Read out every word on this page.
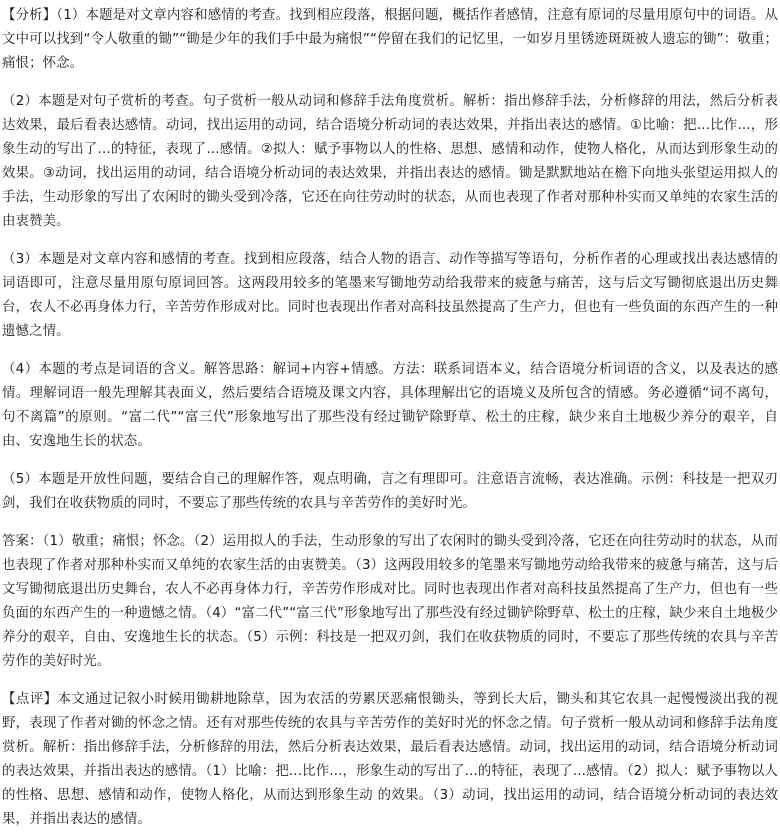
【分析】（1）本题是对文章内容和感情的考查。找到相应段落，根据问题，概括作者感情，注意有原词的尽量用原句中的词语。从文中可以找到“令人敬重的锄”“锄是少年的我们手中最为痛恨”“停留在我们的记忆里，一如岁月里锈迹斑斑被人遗忘的锄”：敬重；痛恨；怀念。

（2）本题是对句子赏析的考查。句子赏析一般从动词和修辞手法角度赏析。解析：指出修辞手法，分析修辞的用法，然后分析表达效果，最后看表达感情。动词，找出运用的动词，结合语境分析动词的表达效果，并指出表达的感情。①比喻：把...比作...，形象生动的写出了...的特征，表现了...感情。②拟人：赋予事物以人的性格、思想、感情和动作，使物人格化，从而达到形象生动的效果。③动词，找出运用的动词，结合语境分析动词的表达效果，并指出表达的感情。锄是默默地站在檐下向地头张望运用拟人的手法，生动形象的写出了农闲时的锄头受到冷落，它还在向往劳动时的状态，从而也表现了作者对那种朴实而又单纯的农家生活的由衷赞美。

（3）本题是对文章内容和感情的考查。找到相应段落，结合人物的语言、动作等描写等语句，分析作者的心理或找出表达感情的词语即可，注意尽量用原句原词回答。这两段用较多的笔墨来写锄地劳动给我带来的疲惫与痛苦，这与后文写锄彻底退出历史舞台，农人不必再身体力行，辛苦劳作形成对比。同时也表现出作者对高科技虽然提高了生产力，但也有一些负面的东西产生的一种遗憾之情。

（4）本题的考点是词语的含义。解答思路：解词+内容+情感。方法：联系词语本义，结合语境分析词语的含义，以及表达的感情。理解词语一般先理解其表面义，然后要结合语境及课文内容，具体理解出它的语境义及所包含的情感。务必遵循“词不离句，句不离篇”的原则。“富二代”“富三代”形象地写出了那些没有经过锄铲除野草、松土的庄稼，缺少来自土地极少养分的艰辛，自由、安逸地生长的状态。

（5）本题是开放性问题，要结合自己的理解作答，观点明确，言之有理即可。注意语言流畅，表达准确。示例：科技是一把双刃剑，我们在收获物质的同时，不要忘了那些传统的农具与辛苦劳作的美好时光。

答案：（1）敬重；痛恨；怀念。（2）运用拟人的手法，生动形象的写出了农闲时的锄头受到冷落，它还在向往劳动时的状态，从而也表现了作者对那种朴实而又单纯的农家生活的由衷赞美。（3）这两段用较多的笔墨来写锄地劳动给我带来的疲惫与痛苦，这与后文写锄彻底退出历史舞台，农人不必再身体力行，辛苦劳作形成对比。同时也表现出作者对高科技虽然提高了生产力，但也有一些负面的东西产生的一种遗憾之情。（4）“富二代”“富三代”形象地写出了那些没有经过锄铲除野草、松土的庄稼，缺少来自土地极少养分的艰辛，自由、安逸地生长的状态。（5）示例：科技是一把双刃剑，我们在收获物质的同时，不要忘了那些传统的农具与辛苦劳作的美好时光。

【点评】本文通过记叙小时候用锄耕地除草，因为农活的劳累厌恶痛恨锄头，等到长大后，锄头和其它农具一起慢慢淡出我的视野，表现了作者对锄的怀念之情。还有对那些传统的农具与辛苦劳作的美好时光的怀念之情。句子赏析一般从动词和修辞手法角度赏析。解析：指出修辞手法，分析修辞的用法，然后分析表达效果，最后看表达感情。动词，找出运用的动词，结合语境分析动词的表达效果，并指出表达的感情。（1）比喻：把...比作...，形象生动的写出了...的特征，表现了...感情。（2）拟人：赋予事物以人的性格、思想、感情和动作，使物人格化，从而达到形象生动 的效果。（3）动词，找出运用的动词，结合语境分析动词的表达效果，并指出表达的感情。
